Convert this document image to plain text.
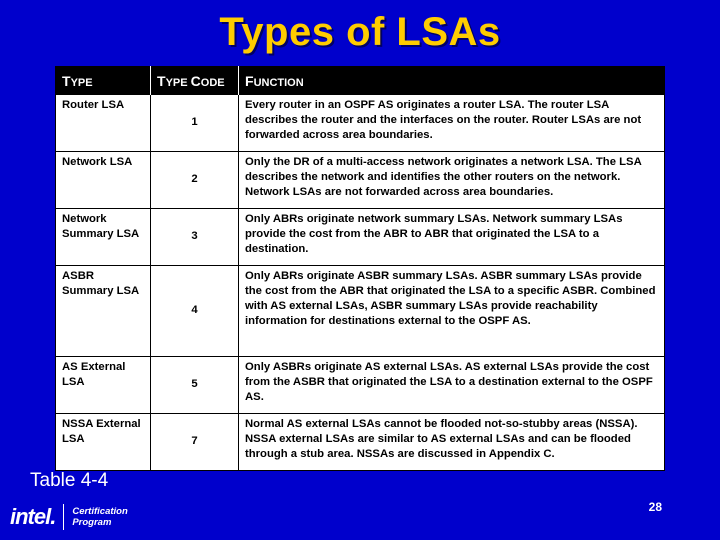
Types of LSAs
TYPE	TYPE CODE	FUNCTION
Router LSA	1	Every router in an OSPF AS originates a router LSA. The router LSA describes the router and the interfaces on the router. Router LSAs are not forwarded across area boundaries.
Network LSA	2	Only the DR of a multi-access network originates a network LSA. The LSA describes the network and identifies the other routers on the network. Network LSAs are not forwarded across area boundaries.
Network Summary LSA	3	Only ABRs originate network summary LSAs. Network summary LSAs provide the cost from the ABR to ABR that originated the LSA to a destination.
ASBR Summary LSA	4	Only ABRs originate ASBR summary LSAs. ASBR summary LSAs provide the cost from the ABR that originated the LSA to a specific ASBR. Combined with AS external LSAs, ASBR summary LSAs provide reachability information for destinations external to the OSPF AS.
AS External LSA	5	Only ASBRs originate AS external LSAs. AS external LSAs provide the cost from the ASBR that originated the LSA to a destination external to the OSPF AS.
NSSA External LSA	7	Normal AS external LSAs cannot be flooded not-so-stubby areas (NSSA). NSSA external LSAs are similar to AS external LSAs and can be flooded through a stub area. NSSAs are discussed in Appendix C.
Table 4-4
28
intel. Certification
Program
